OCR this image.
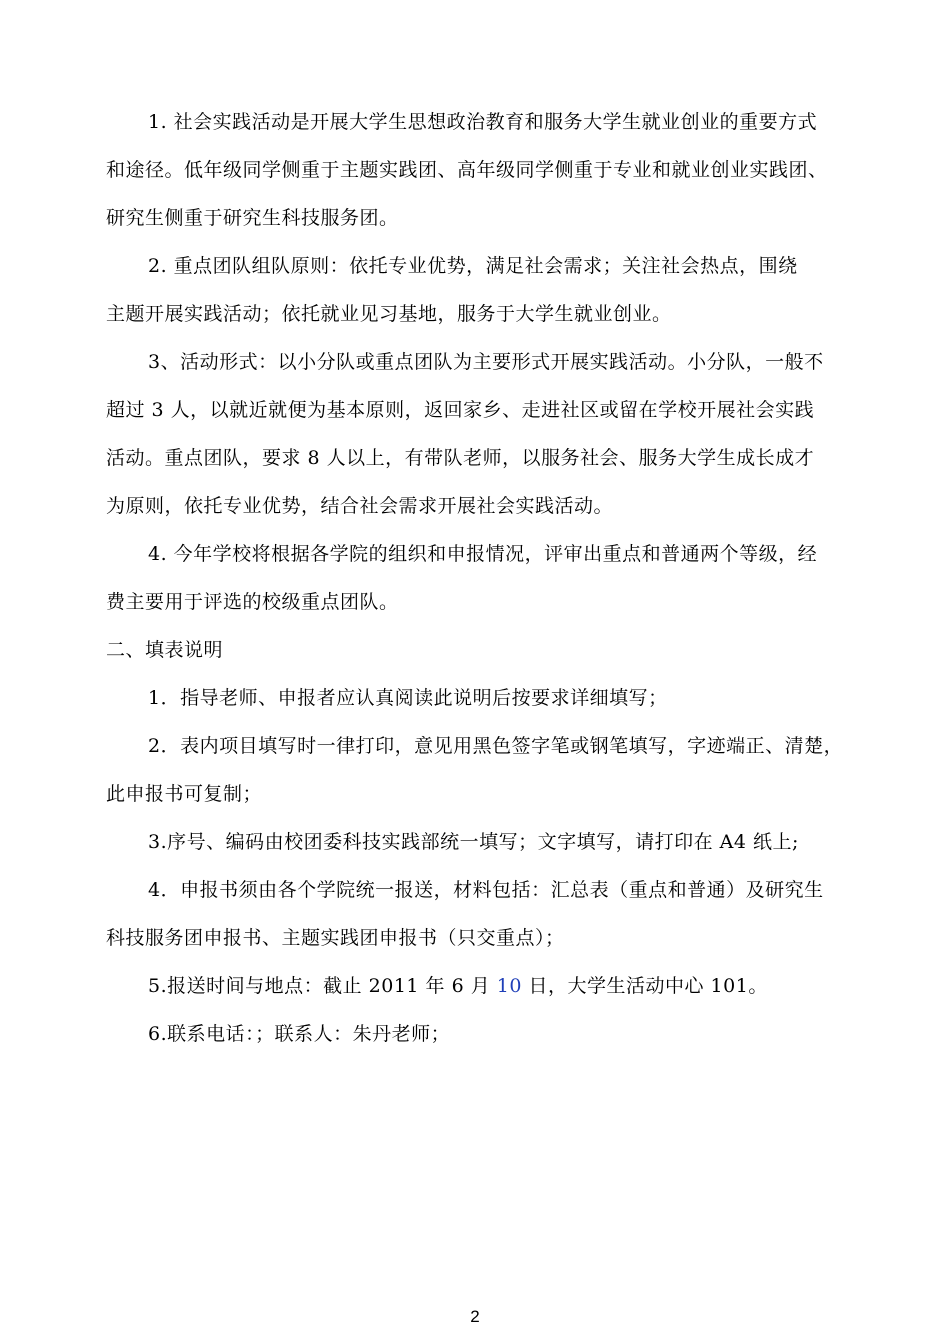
1. 社会实践活动是开展大学生思想政治教育和服务大学生就业创业的重要方式
和途径。低年级同学侧重于主题实践团、高年级同学侧重于专业和就业创业实践团、
研究生侧重于研究生科技服务团。
2. 重点团队组队原则：依托专业优势，满足社会需求；关注社会热点，围绕
主题开展实践活动；依托就业见习基地，服务于大学生就业创业。
3、活动形式：以小分队或重点团队为主要形式开展实践活动。小分队，一般不
超过 3 人，以就近就便为基本原则，返回家乡、走进社区或留在学校开展社会实践
活动。重点团队，要求 8 人以上，有带队老师，以服务社会、服务大学生成长成才
为原则，依托专业优势，结合社会需求开展社会实践活动。
4. 今年学校将根据各学院的组织和申报情况，评审出重点和普通两个等级，经
费主要用于评选的校级重点团队。
二、填表说明
1．指导老师、申报者应认真阅读此说明后按要求详细填写；
2．表内项目填写时一律打印，意见用黑色签字笔或钢笔填写，字迹端正、清楚，
此申报书可复制；
3.序号、编码由校团委科技实践部统一填写；文字填写，请打印在 A4 纸上;
4．申报书须由各个学院统一报送，材料包括：汇总表（重点和普通）及研究生
科技服务团申报书、主题实践团申报书（只交重点）；
5.报送时间与地点：截止 2011 年 6 月 10 日，大学生活动中心 101。
6.联系电话：；联系人：朱丹老师；
2
